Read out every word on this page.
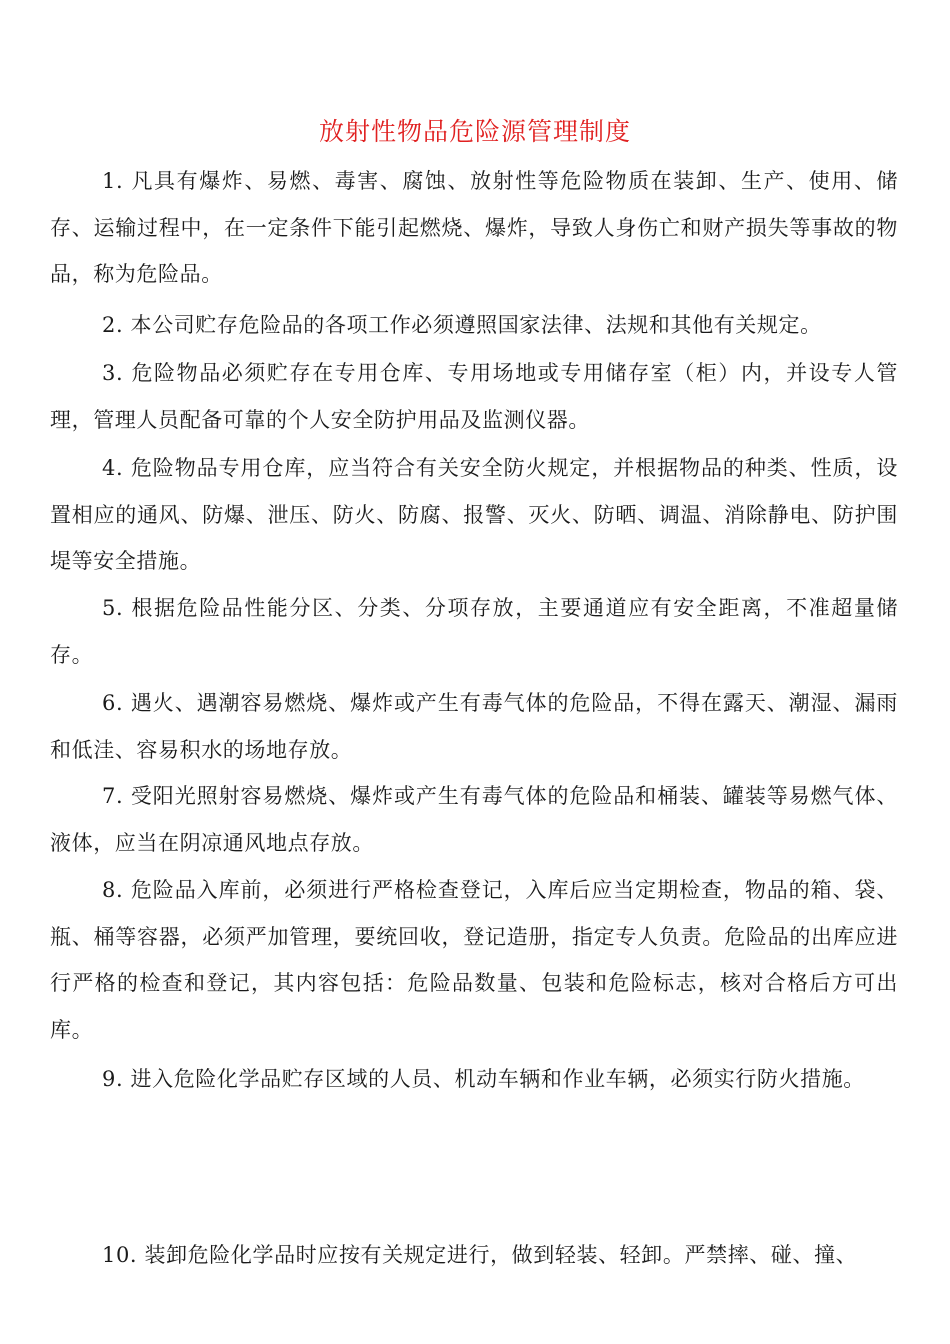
放射性物品危险源管理制度

1. 凡具有爆炸、易燃、毒害、腐蚀、放射性等危险物质在装卸、生产、使用、储存、运输过程中，在一定条件下能引起燃烧、爆炸，导致人身伤亡和财产损失等事故的物品，称为危险品。

2. 本公司贮存危险品的各项工作必须遵照国家法律、法规和其他有关规定。

3. 危险物品必须贮存在专用仓库、专用场地或专用储存室（柜）内，并设专人管理，管理人员配备可靠的个人安全防护用品及监测仪器。

4. 危险物品专用仓库，应当符合有关安全防火规定，并根据物品的种类、性质，设置相应的通风、防爆、泄压、防火、防腐、报警、灭火、防晒、调温、消除静电、防护围堤等安全措施。

5. 根据危险品性能分区、分类、分项存放，主要通道应有安全距离，不准超量储存。

6. 遇火、遇潮容易燃烧、爆炸或产生有毒气体的危险品，不得在露天、潮湿、漏雨和低洼、容易积水的场地存放。

7. 受阳光照射容易燃烧、爆炸或产生有毒气体的危险品和桶装、罐装等易燃气体、液体，应当在阴凉通风地点存放。

8. 危险品入库前，必须进行严格检查登记，入库后应当定期检查，物品的箱、袋、瓶、桶等容器，必须严加管理，要统回收，登记造册，指定专人负责。危险品的出库应进行严格的检查和登记，其内容包括：危险品数量、包装和危险标志，核对合格后方可出库。

9. 进入危险化学品贮存区域的人员、机动车辆和作业车辆，必须实行防火措施。

10. 装卸危险化学品时应按有关规定进行，做到轻装、轻卸。严禁摔、碰、撞、
